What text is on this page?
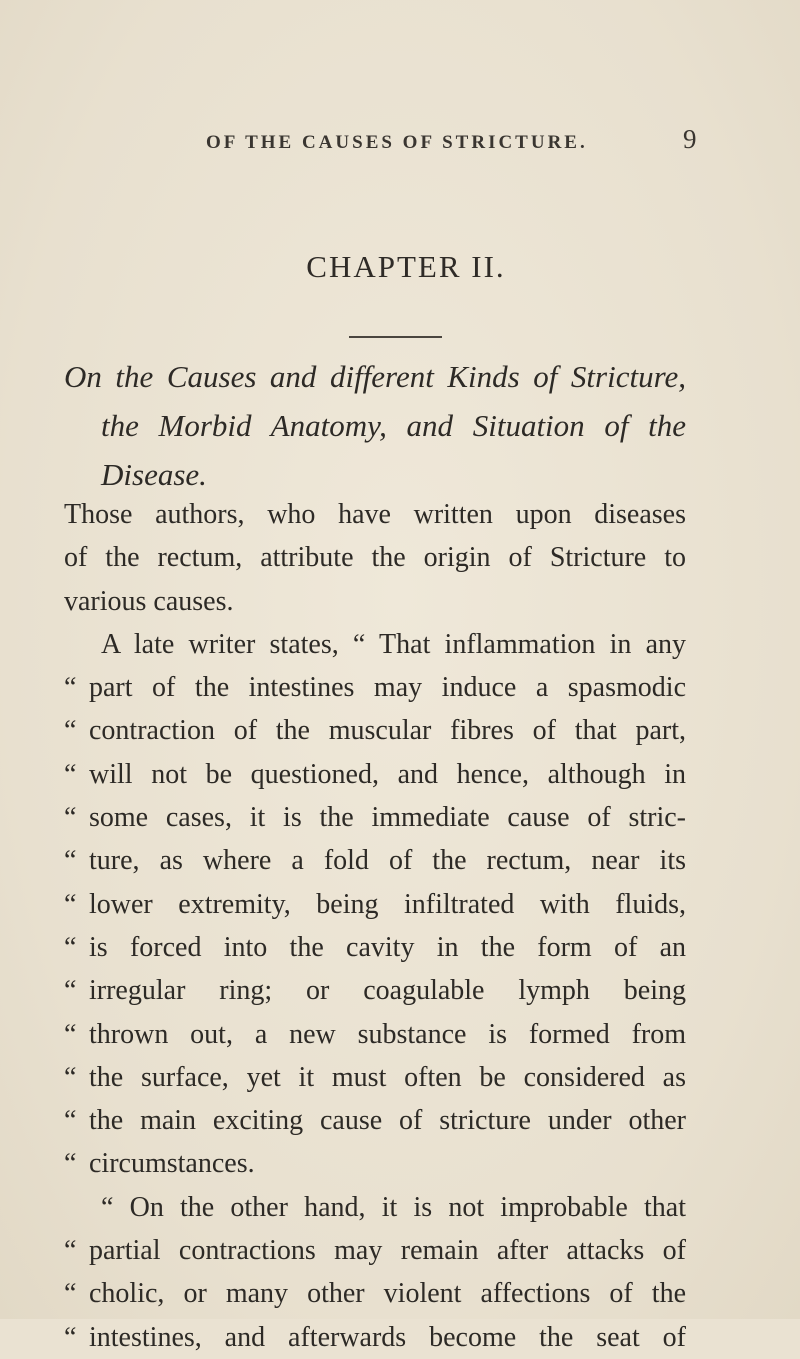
OF THE CAUSES OF STRICTURE.	9
CHAPTER II.
On the Causes and different Kinds of Stricture,
the Morbid Anatomy, and Situation of the
Disease.
Those authors, who have written upon diseases
of the rectum, attribute the origin of Stricture to
various causes.
A late writer states, “ That inflammation in any
“ part of the intestines may induce a spasmodic
“ contraction of the muscular fibres of that part,
“ will not be questioned, and hence, although in
“ some cases, it is the immediate cause of stric-
“ ture, as where a fold of the rectum, near its
“ lower extremity, being infiltrated with fluids,
“ is forced into the cavity in the form of an
“ irregular ring; or coagulable lymph being
“ thrown out, a new substance is formed from
“ the surface, yet it must often be considered as
“ the main exciting cause of stricture under other
“ circumstances.
“ On the other hand, it is not improbable that
“ partial contractions may remain after attacks of
“ cholic, or many other violent affections of the
“ intestines, and afterwards become the seat of
